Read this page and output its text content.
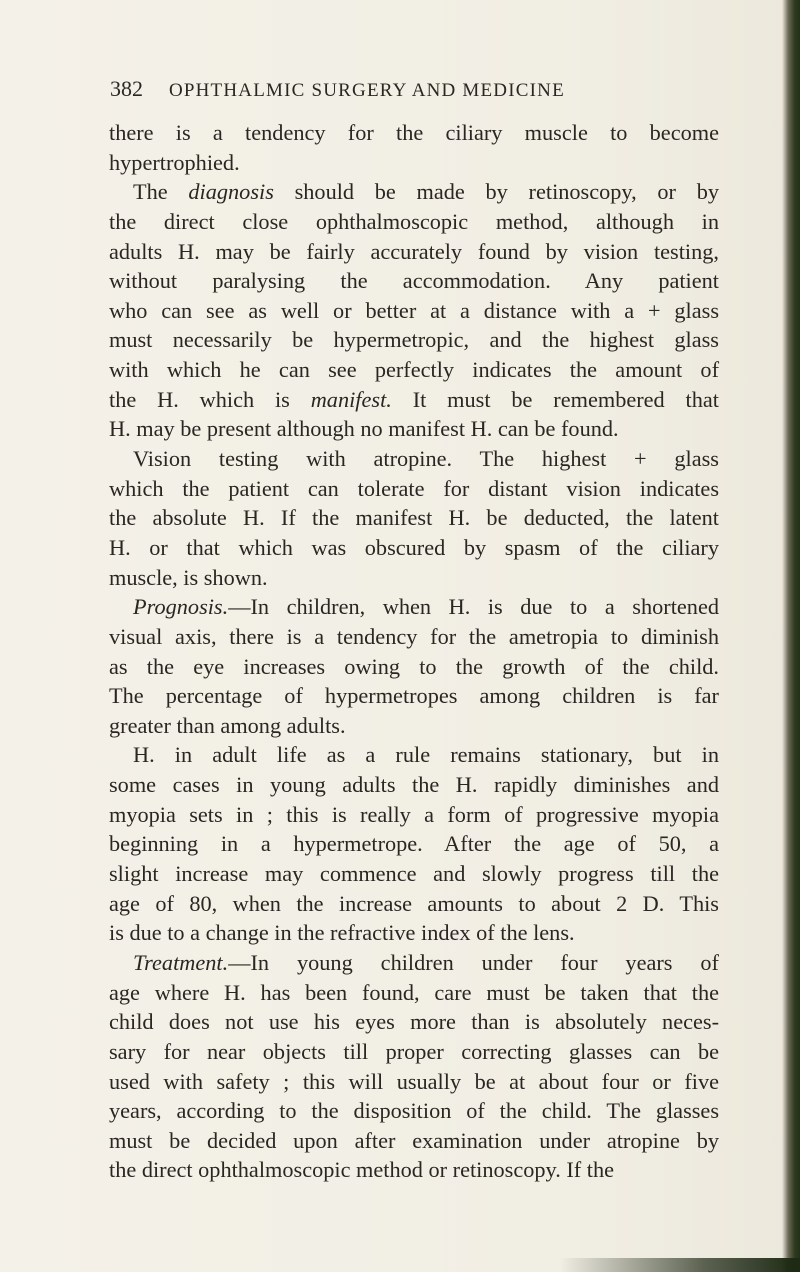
382 OPHTHALMIC SURGERY AND MEDICINE
there is a tendency for the ciliary muscle to become
hypertrophied.
The diagnosis should be made by retinoscopy, or by
the direct close ophthalmoscopic method, although in
adults H. may be fairly accurately found by vision testing,
without paralysing the accommodation. Any patient
who can see as well or better at a distance with a + glass
must necessarily be hypermetropic, and the highest glass
with which he can see perfectly indicates the amount of
the H. which is manifest. It must be remembered that
H. may be present although no manifest H. can be found.
Vision testing with atropine. The highest + glass
which the patient can tolerate for distant vision indicates
the absolute H. If the manifest H. be deducted, the latent
H. or that which was obscured by spasm of the ciliary
muscle, is shown.
Prognosis.—In children, when H. is due to a shortened
visual axis, there is a tendency for the ametropia to diminish
as the eye increases owing to the growth of the child.
The percentage of hypermetropes among children is far
greater than among adults.
H. in adult life as a rule remains stationary, but in
some cases in young adults the H. rapidly diminishes and
myopia sets in ; this is really a form of progressive myopia
beginning in a hypermetrope. After the age of 50, a
slight increase may commence and slowly progress till the
age of 80, when the increase amounts to about 2 D. This
is due to a change in the refractive index of the lens.
Treatment.—In young children under four years of
age where H. has been found, care must be taken that the
child does not use his eyes more than is absolutely neces-
sary for near objects till proper correcting glasses can be
used with safety ; this will usually be at about four or five
years, according to the disposition of the child. The glasses
must be decided upon after examination under atropine by
the direct ophthalmoscopic method or retinoscopy. If the
